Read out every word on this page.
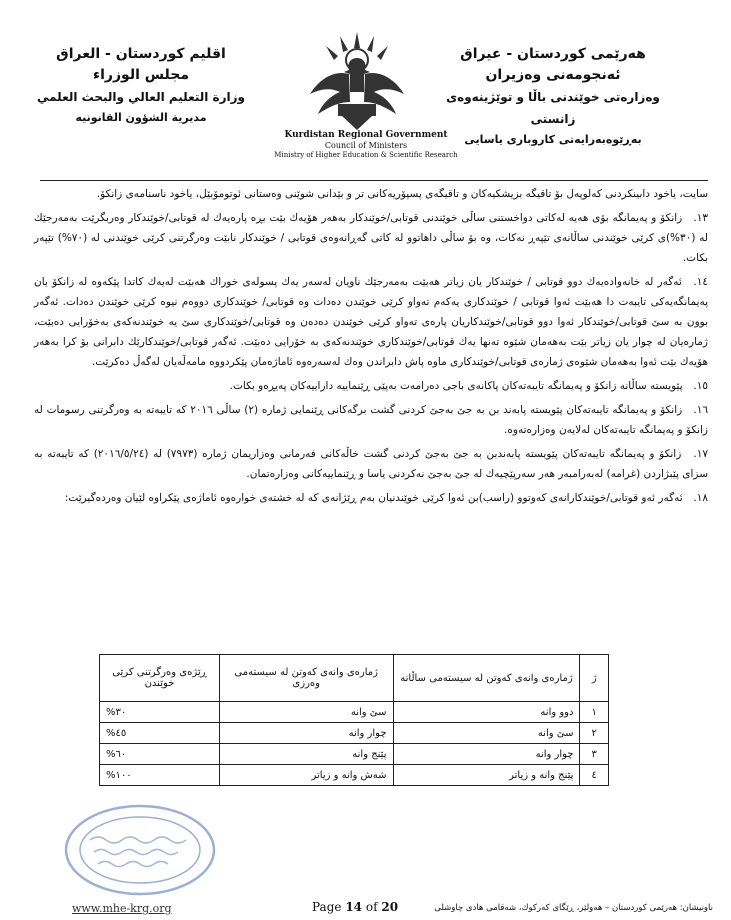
هەرێمی كوردستان - عیراق
ئەنجومەنی وەزیران
وەزارەتی خوێندنی باڵا و توێژینەوەی زانستی
بەڕێوەبەرایەتی كاروباری یاسایی
اقليم كوردستان - العراق
مجلس الوزراء
وزارة التعليم العالي والبحث العلمي
مديرية الشؤون القانونيه
Kurdistan Regional Government
Council of Ministers
Ministry of Higher Education & Scientific Research

سایت، یاخود دابینكردنی كەلوپەل بۆ تاقیگە بزیشكیەكان و تاقیگەی پسپۆریەكانی تر و بێدانی شوێنی وەستانی ئوتومۆبێل، یاخود ناسنامەی زانكۆ.

١٣. زانكۆ و پەیمانگە بۆی هەیە لەكاتی دواخستنی ساڵی خوێندنی قوتابی/خوێندكار بەهەر هۆیەك بێت بڕە پارەیەك لە قوتابی/خوێندكار وەربگرێت بەمەرجێك لە (٣٠%)ی كرێی خوێندنی ساڵانەی تێپەڕ نەكات، وە بۆ ساڵی داهاتوو لە كاتی گەڕانەوەی قوتابی / خوێندكار نابێت وەرگرتنی كرێی خوێندنی لە (٧٠%) تێپەر بكات.

١٤. ئەگەر لە خانەوادەیەك دوو قوتابی / خوێندكار یان زیاتر هەبێت بەمەرجێك ناویان لەسەر یەك پسولەی خوراك هەبێت لەیەك كاتدا پێكەوە لە زانكۆ یان پەیمانگەیەكی تایبەت دا هەبێت ئەوا قوتابی / خوێندكاری یەكەم تەواو كرێی خوێندن دەدات وە قوتابی/ خوێندكاری دووەم نیوە كرێی خوێندن دەدات. ئەگەر بوون بە سێ قوتابی/خوێندكار ئەوا دوو قوتابی/خوێندكاریان پارەی تەواو كرێی خوێندن دەدەن وە قوتابی/خوێندكاری سێ یە خوێندنەكەی بەخۆرایی دەبێت، ژمارەیان لە چوار یان زیاتر بێت بەهەمان شێوە تەنها یەك قوتابی/خوێندكاری خوێندنەكەی بە خۆرایی دەبێت. ئەگەر قوتابی/خوێندكارێك دابرانی بۆ كرا بەهەر هۆیەك بێت ئەوا بەهەمان شێوەی ژمارەی قوتابی/خوێندكاری ماوە پاش دابراندن وەك لەسەرەوە ئاماژەمان پێكردووە مامەڵەیان لەگەڵ دەكرێت.

١٥. پێویستە ساڵانە زانكۆ و پەیمانگە تایبەتەكان پاكانەی باجی دەرامەت بەپێی ڕێنماییە داراییەكان پەیڕەو بكات.

١٦. زانكۆ و پەیمانگە تایبەتەكان پێویستە پابەند بن بە جێ بەجێ كردنی گشت برگەكانی ڕێنمایی ژمارە (٢) ساڵی ٢٠١٦ كە تایبەتە بە وەرگرتنی رسومات لە زانكۆ و پەیمانگە تایبەتەكان لەلایەن وەزارەتەوە.

١٧. زانكۆ و پەیمانگە تایبەتەكان پێویستە پابەندبن بە جێ بەجێ كردنی گشت خاڵەكانی فەرمانی وەزاریمان ژمارە (٧٩٧٣) لە (٢٠١٦/٥/٢٤) كە تایبەتە بە سزای پێبژاردن (غرامە) لەبەرامبەر هەر سەرپێچیەك لە جێ بەجێ نەكردنی یاسا و ڕێنماییەكانی وەزارەتمان.

١٨. ئەگەر ئەو قوتابی/خوێندكارانەی كەوتوو (راسب)بن ئەوا كرێی خوێندنیان بەم ڕێژانەی كە لە خشتەی خوارەوە ئاماژەی پێكراوە لێیان وەردەگیرێت:

ژ	ژمارەی وانەی كەوتن لە سیستەمی ساڵانە	ژمارەی وانەی كەوتن لە سیستەمی وەرزی	ڕێژەی وەرگرتنی كرێی خوێندن
١	دوو وانە	سێ وانە	%٣٠
٢	سێ وانە	چوار وانە	%٤٥
٣	چوار وانە	پێنج وانە	%٦٠
٤	پێنج وانە و زیاتر	شەش وانە و زیاتر	%١٠٠
www.mhe-krg.org	Page 14 of 20	ناونیشان: هەرێمی كوردستان – هەولێر، ڕێگای كەركوك، شەقامی هادی چاوشلی
